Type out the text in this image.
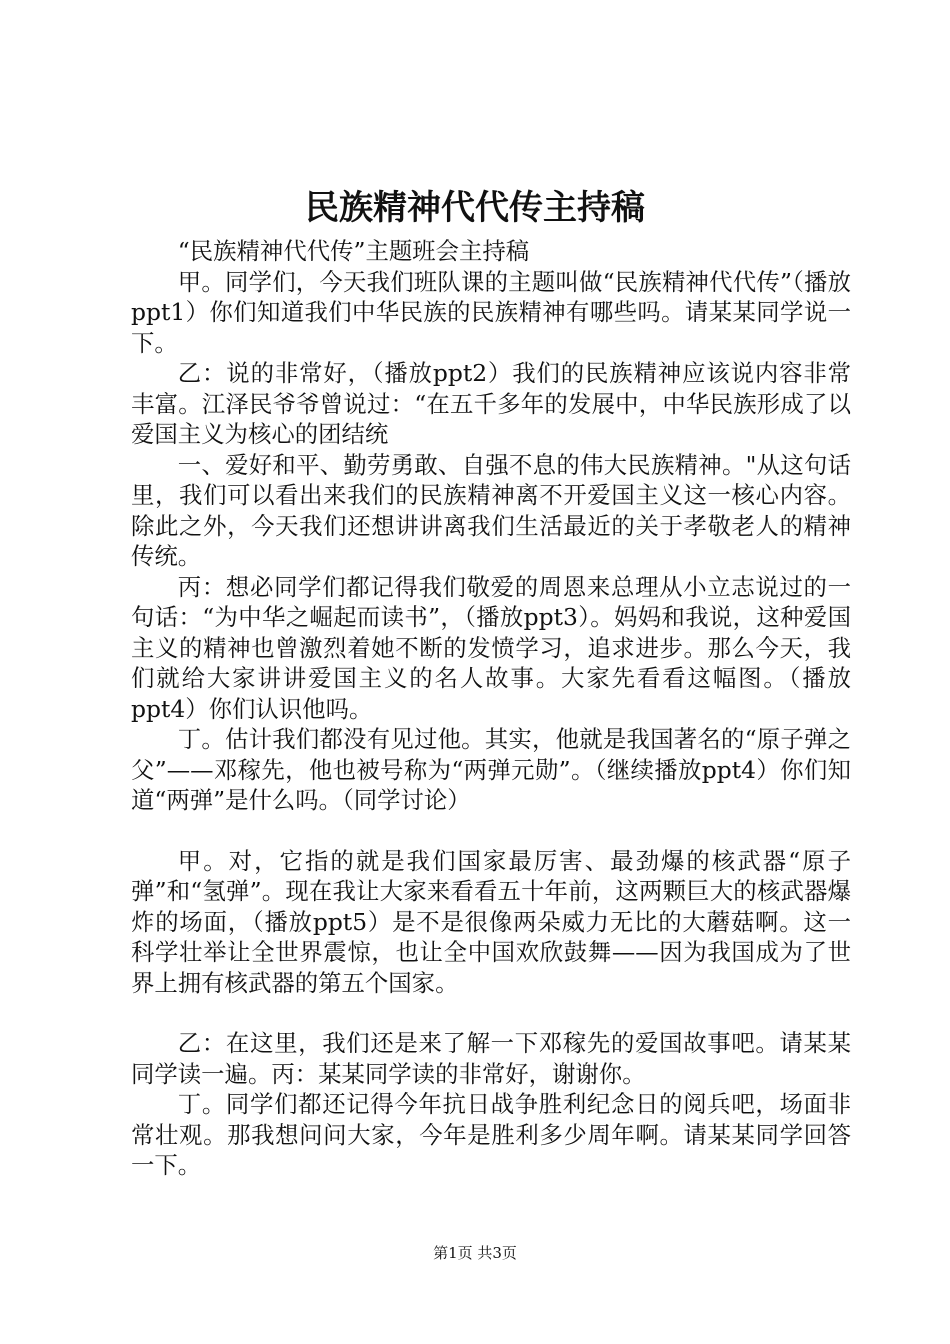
民族精神代代传主持稿

“民族精神代代传”主题班会主持稿

甲。同学们，今天我们班队课的主题叫做“民族精神代代传”（播放ppt1）你们知道我们中华民族的民族精神有哪些吗。请某某同学说一下。

乙：说的非常好，（播放ppt2）我们的民族精神应该说内容非常丰富。江泽民爷爷曾说过：“在五千多年的发展中，中华民族形成了以爱国主义为核心的团结统

一、爱好和平、勤劳勇敢、自强不息的伟大民族精神。"从这句话里，我们可以看出来我们的民族精神离不开爱国主义这一核心内容。除此之外，今天我们还想讲讲离我们生活最近的关于孝敬老人的精神传统。

丙：想必同学们都记得我们敬爱的周恩来总理从小立志说过的一句话：“为中华之崛起而读书”，（播放ppt3）。妈妈和我说，这种爱国主义的精神也曾激烈着她不断的发愤学习，追求进步。那么今天，我们就给大家讲讲爱国主义的名人故事。大家先看看这幅图。（播放ppt4）你们认识他吗。

丁。估计我们都没有见过他。其实，他就是我国著名的“原子弹之父”——邓稼先，他也被号称为“两弹元勋”。（继续播放ppt4）你们知道“两弹”是什么吗。（同学讨论）

甲。对，它指的就是我们国家最厉害、最劲爆的核武器“原子弹”和“氢弹”。现在我让大家来看看五十年前，这两颗巨大的核武器爆炸的场面，（播放ppt5）是不是很像两朵威力无比的大蘑菇啊。这一科学壮举让全世界震惊，也让全中国欢欣鼓舞——因为我国成为了世界上拥有核武器的第五个国家。

乙：在这里，我们还是来了解一下邓稼先的爱国故事吧。请某某同学读一遍。丙：某某同学读的非常好，谢谢你。

丁。同学们都还记得今年抗日战争胜利纪念日的阅兵吧，场面非常壮观。那我想问问大家，今年是胜利多少周年啊。请某某同学回答一下。

第1页 共3页
